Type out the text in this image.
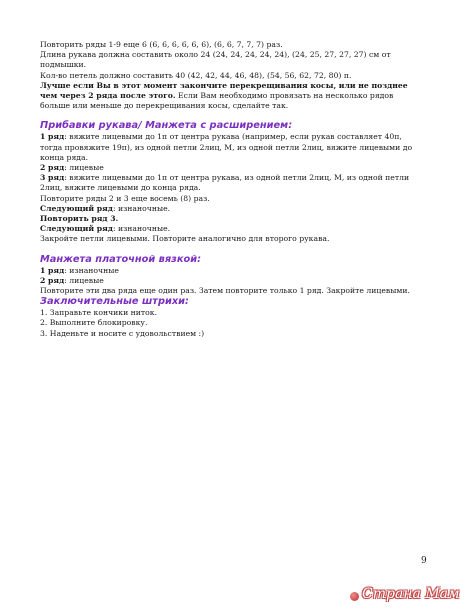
Повторить ряды 1-9 еще 6 (6, 6, 6, 6, 6, 6), (6, 6, 7, 7, 7) раз.

Длина рукава должна составить около 24 (24, 24, 24, 24, 24), (24, 25, 27, 27, 27) см от

подмышки.

Кол-во петель должно составить 40 (42, 42, 44, 46, 48), (54, 56, 62, 72, 80) п.

Лучше если Вы в этот момент закончите перекрещивания косы, или не позднее

чем через 2 ряда после этого. Если Вам необходимо провязать на несколько рядов

больше или меньше до перекрещивания косы, сделайте так.

Прибавки рукава/ Манжета с расширением:

1 ряд: вяжите лицевыми до 1п от центра рукава (например, если рукав составляет 40п,

тогда провяжите 19п), из одной петли 2лиц, М, из одной петли 2лиц, вяжите лицевыми до

конца ряда.

2 ряд: лицевые

3 ряд: вяжите лицевыми до 1п от центра рукава, из одной петли 2лиц, М, из одной петли

2лиц, вяжите лицевыми до конца ряда.

Повторите ряды 2 и 3 еще восемь (8) раз.

Следующий ряд: изнаночные.

Повторить ряд 3.

Следующий ряд: изнаночные.

Закройте петли лицевыми. Повторите аналогично для второго рукава.

Манжета платочной вязкой:

1 ряд: изнаночные

2 ряд: лицевые

Повторите эти два ряда еще один раз. Затем повторите только 1 ряд. Закройте лицевыми.

Заключительные штрихи:

1. Заправьте кончики ниток.

2. Выполните блокировку.

3. Наденьте и носите с удовольствием :)

9
Страна Мам
